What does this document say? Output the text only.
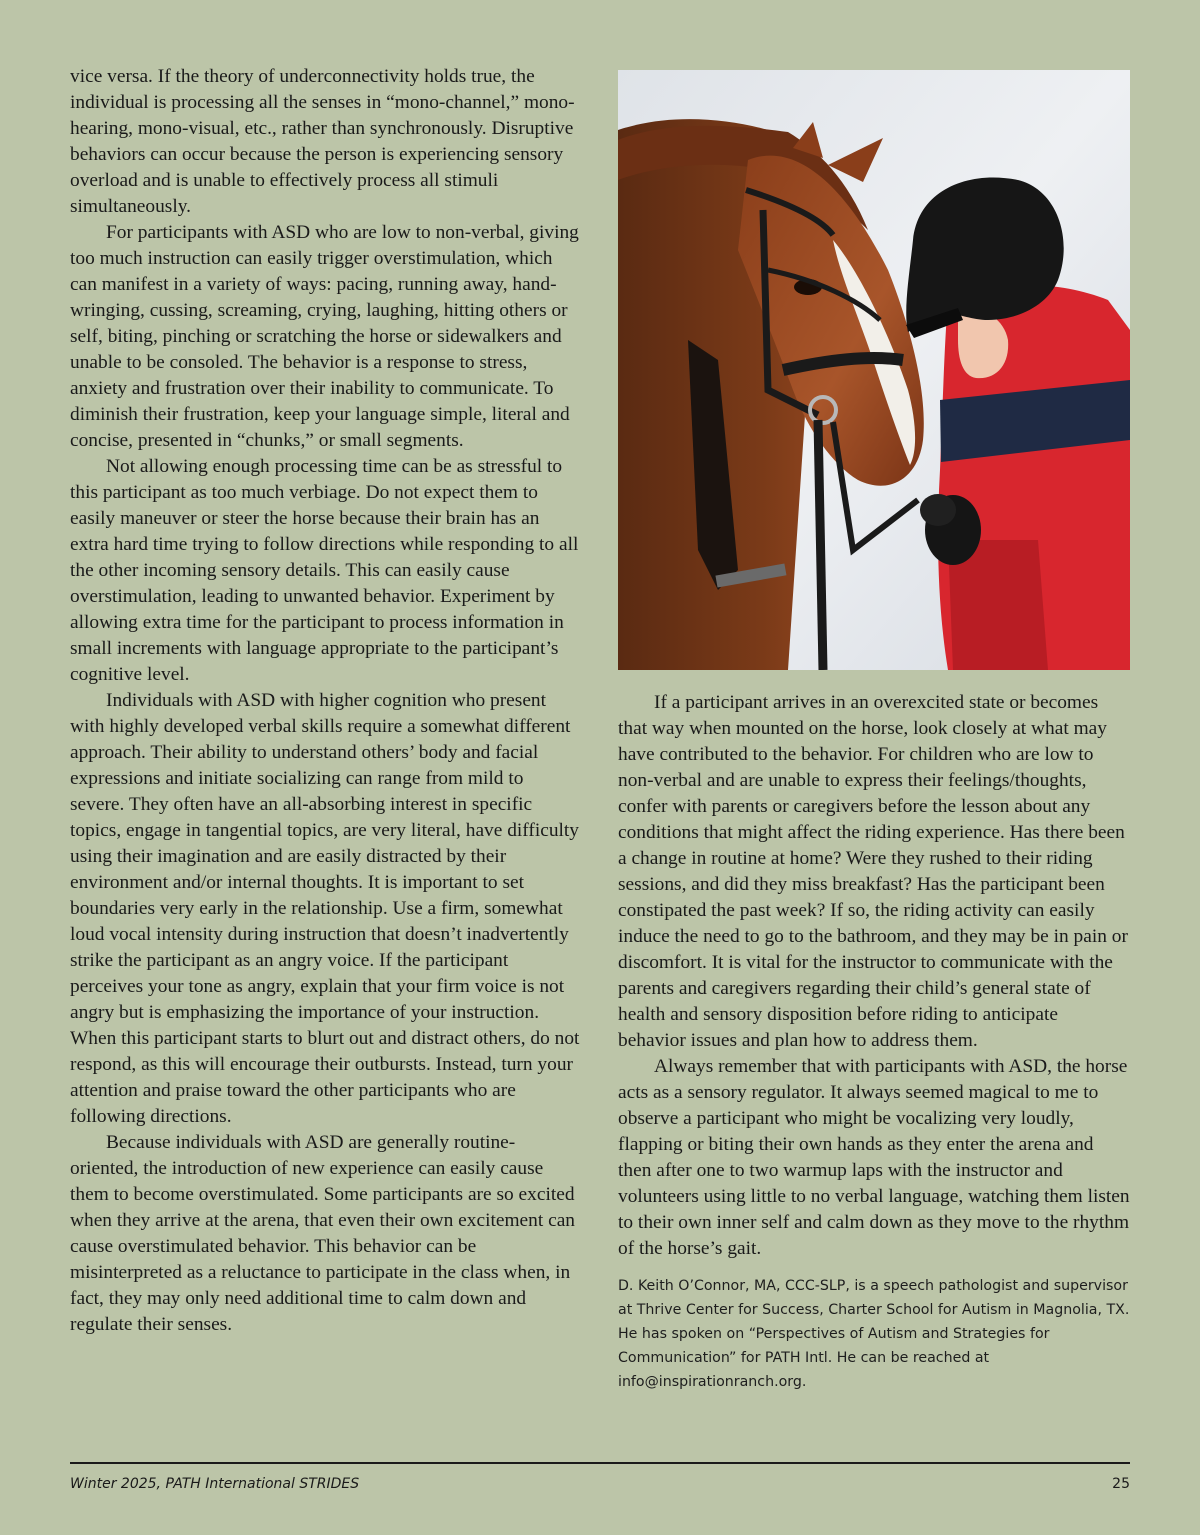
vice versa. If the theory of underconnectivity holds true, the individual is processing all the senses in “mono-channel,” mono-hearing, mono-visual, etc., rather than synchronously. Disruptive behaviors can occur because the person is experiencing sensory overload and is unable to effectively process all stimuli simultaneously.

For participants with ASD who are low to non-verbal, giving too much instruction can easily trigger overstimulation, which can manifest in a variety of ways: pacing, running away, hand-wringing, cussing, screaming, crying, laughing, hitting others or self, biting, pinching or scratching the horse or sidewalkers and unable to be consoled. The behavior is a response to stress, anxiety and frustration over their inability to communicate. To diminish their frustration, keep your language simple, literal and concise, presented in “chunks,” or small segments.

Not allowing enough processing time can be as stressful to this participant as too much verbiage. Do not expect them to easily maneuver or steer the horse because their brain has an extra hard time trying to follow directions while responding to all the other incoming sensory details. This can easily cause overstimulation, leading to unwanted behavior. Experiment by allowing extra time for the participant to process information in small increments with language appropriate to the participant’s cognitive level.

Individuals with ASD with higher cognition who present with highly developed verbal skills require a somewhat different approach. Their ability to understand others’ body and facial expressions and initiate socializing can range from mild to severe. They often have an all-absorbing interest in specific topics, engage in tangential topics, are very literal, have difficulty using their imagination and are easily distracted by their environment and/or internal thoughts. It is important to set boundaries very early in the relationship. Use a firm, somewhat loud vocal intensity during instruction that doesn’t inadvertently strike the participant as an angry voice. If the participant perceives your tone as angry, explain that your firm voice is not angry but is emphasizing the importance of your instruction. When this participant starts to blurt out and distract others, do not respond, as this will encourage their outbursts. Instead, turn your attention and praise toward the other participants who are following directions.

Because individuals with ASD are generally routine-oriented, the introduction of new experience can easily cause them to become overstimulated. Some participants are so excited when they arrive at the arena, that even their own excitement can cause overstimulated behavior. This behavior can be misinterpreted as a reluctance to participate in the class when, in fact, they may only need additional time to calm down and regulate their senses.

If a participant arrives in an overexcited state or becomes that way when mounted on the horse, look closely at what may have contributed to the behavior. For children who are low to non-verbal and are unable to express their feelings/thoughts, confer with parents or caregivers before the lesson about any conditions that might affect the riding experience. Has there been a change in routine at home? Were they rushed to their riding sessions, and did they miss breakfast? Has the participant been constipated the past week? If so, the riding activity can easily induce the need to go to the bathroom, and they may be in pain or discomfort. It is vital for the instructor to communicate with the parents and caregivers regarding their child’s general state of health and sensory disposition before riding to anticipate behavior issues and plan how to address them.

Always remember that with participants with ASD, the horse acts as a sensory regulator. It always seemed magical to me to observe a participant who might be vocalizing very loudly, flapping or biting their own hands as they enter the arena and then after one to two warmup laps with the instructor and volunteers using little to no verbal language, watching them listen to their own inner self and calm down as they move to the rhythm of the horse’s gait.

D. Keith O’Connor, MA, CCC-SLP, is a speech pathologist and supervisor at Thrive Center for Success, Charter School for Autism in Magnolia, TX. He has spoken on “Perspectives of Autism and Strategies for Communication” for PATH Intl. He can be reached at info@inspirationranch.org.

Winter 2025, PATH International STRIDES	25
